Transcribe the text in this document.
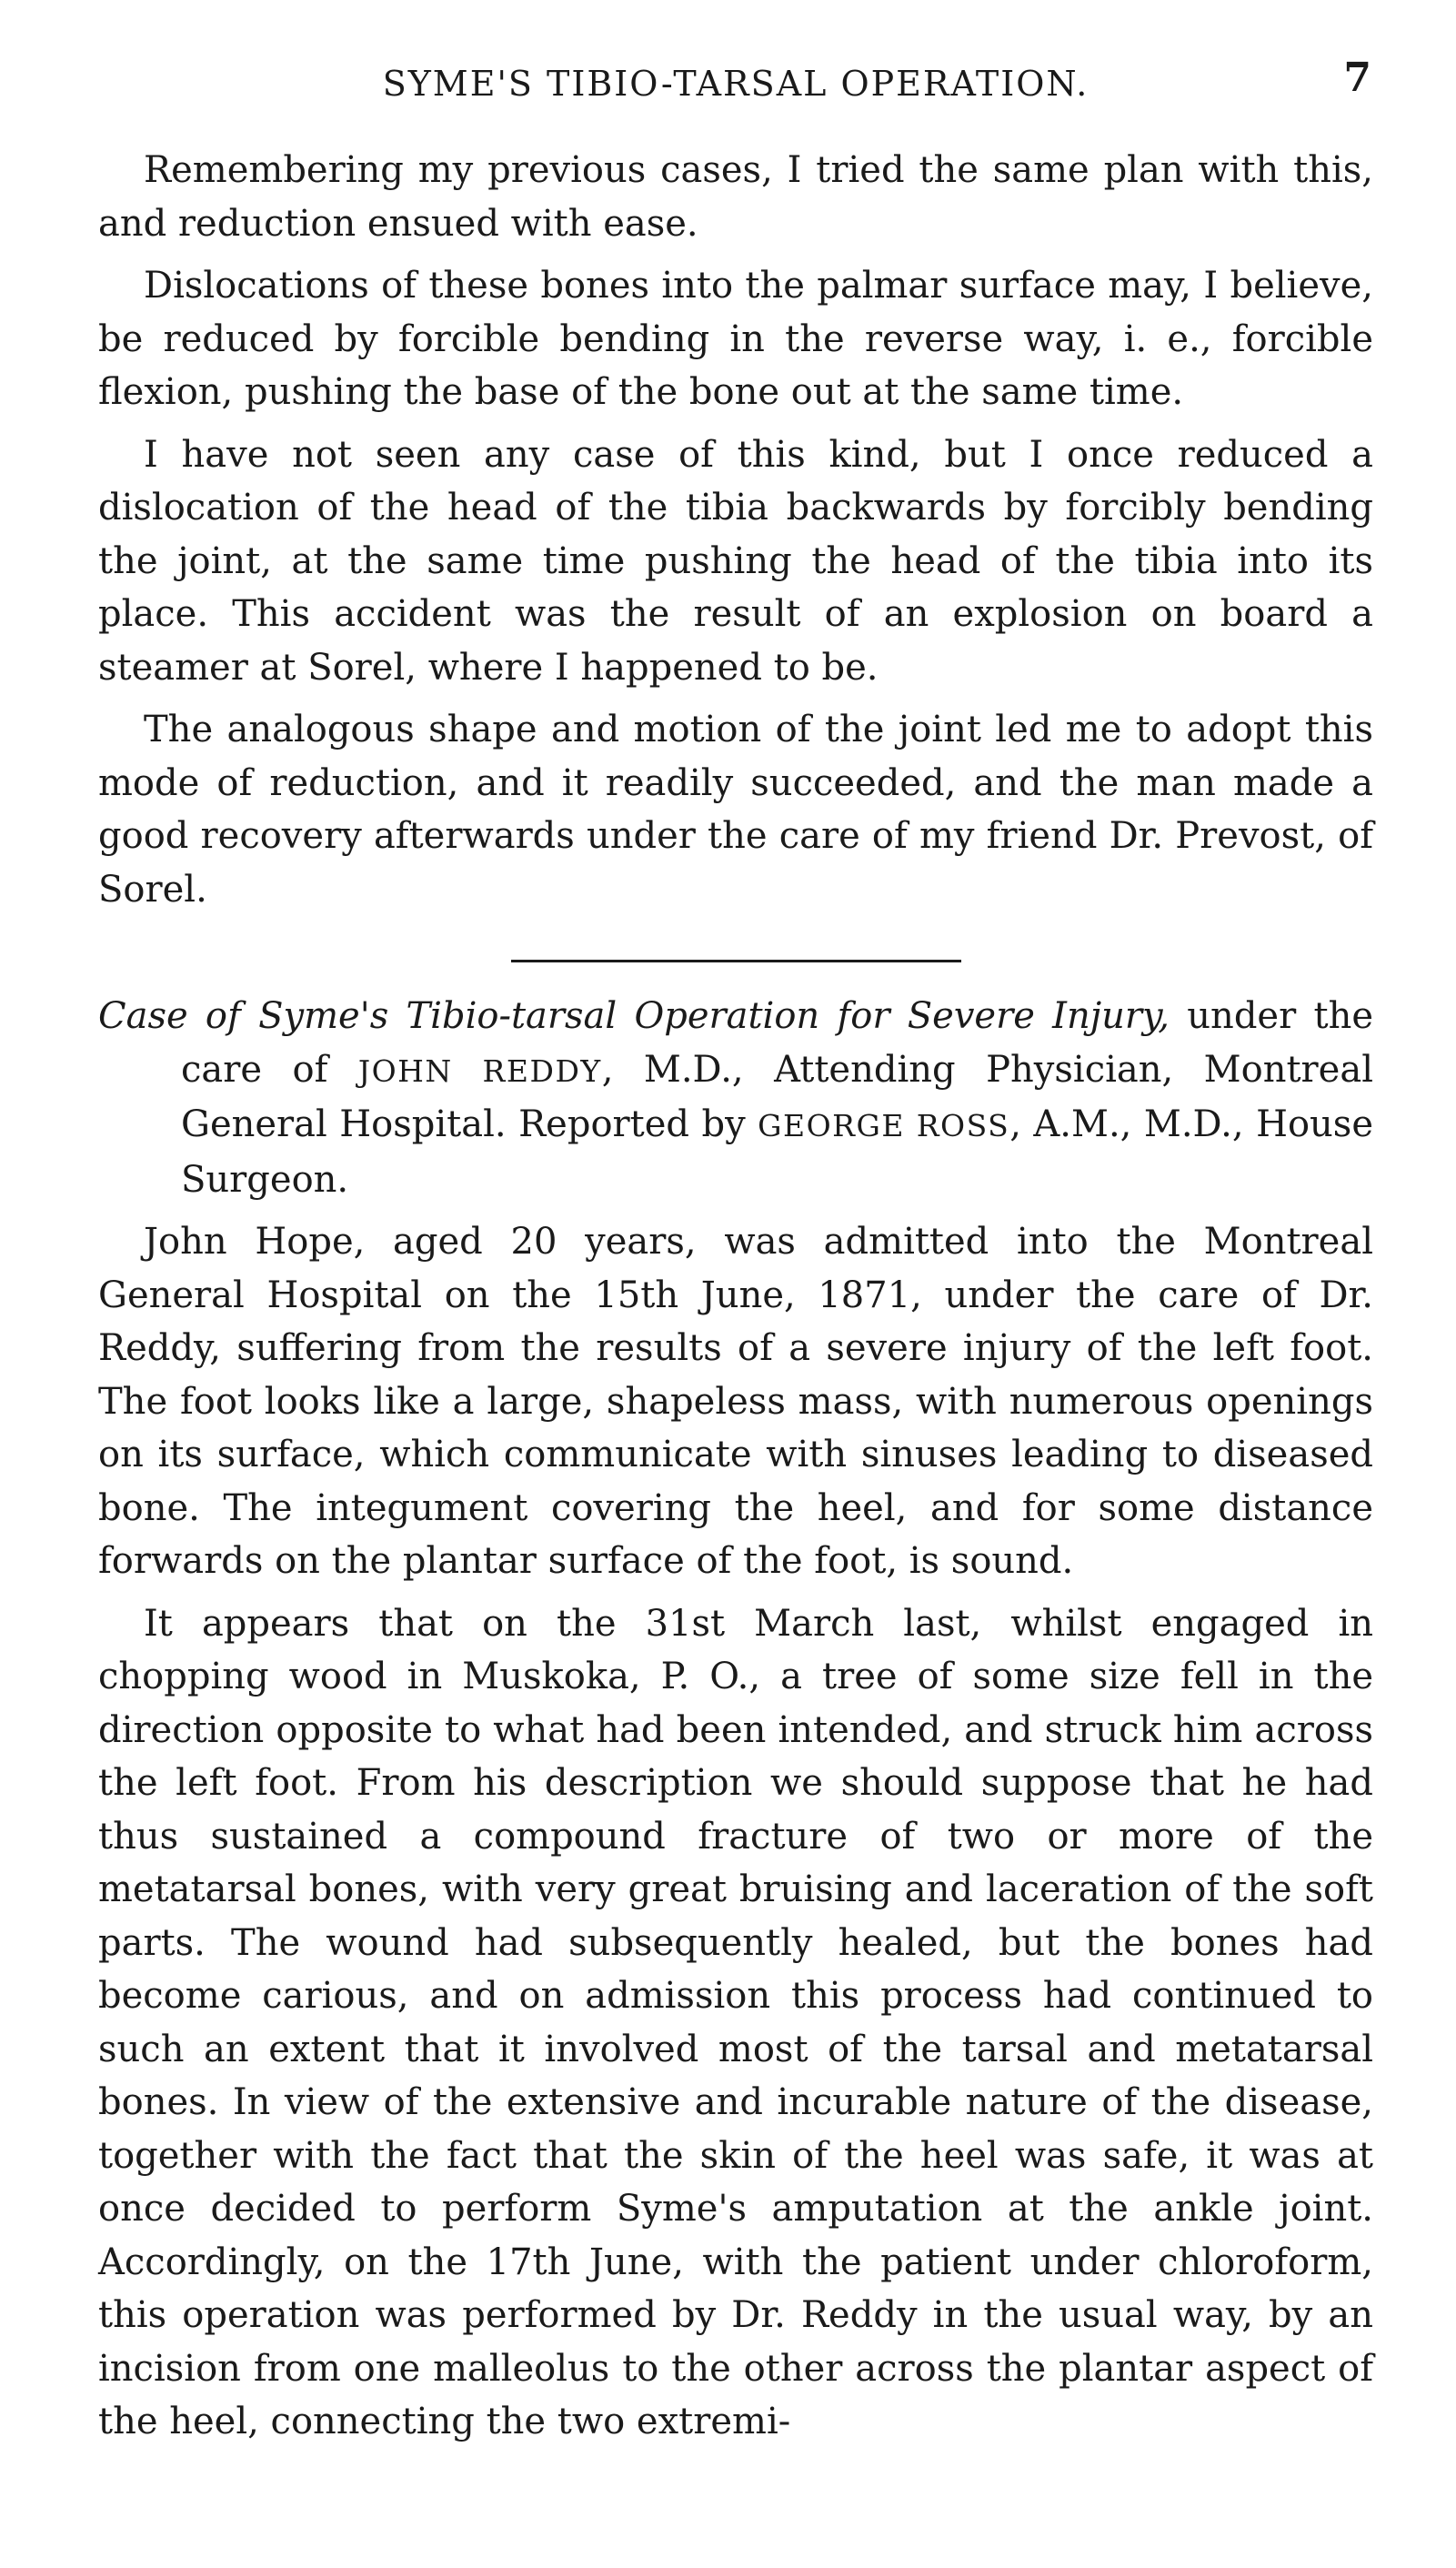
SYME'S TIBIO-TARSAL OPERATION.	7

Remembering my previous cases, I tried the same plan with this, and reduction ensued with ease.

Dislocations of these bones into the palmar surface may, I believe, be reduced by forcible bending in the reverse way, i. e., forcible flexion, pushing the base of the bone out at the same time.

I have not seen any case of this kind, but I once reduced a dislocation of the head of the tibia backwards by forcibly bending the joint, at the same time pushing the head of the tibia into its place. This accident was the result of an explosion on board a steamer at Sorel, where I happened to be.

The analogous shape and motion of the joint led me to adopt this mode of reduction, and it readily succeeded, and the man made a good recovery afterwards under the care of my friend Dr. Prevost, of Sorel.

Case of Syme's Tibio-tarsal Operation for Severe Injury, under the care of JOHN REDDY, M.D., Attending Physician, Montreal General Hospital. Reported by GEORGE ROSS, A.M., M.D., House Surgeon.

John Hope, aged 20 years, was admitted into the Montreal General Hospital on the 15th June, 1871, under the care of Dr. Reddy, suffering from the results of a severe injury of the left foot. The foot looks like a large, shapeless mass, with numerous openings on its surface, which communicate with sinuses leading to diseased bone. The integument covering the heel, and for some distance forwards on the plantar surface of the foot, is sound.

It appears that on the 31st March last, whilst engaged in chopping wood in Muskoka, P. O., a tree of some size fell in the direction opposite to what had been intended, and struck him across the left foot. From his description we should suppose that he had thus sustained a compound fracture of two or more of the metatarsal bones, with very great bruising and laceration of the soft parts. The wound had subsequently healed, but the bones had become carious, and on admission this process had continued to such an extent that it involved most of the tarsal and metatarsal bones. In view of the extensive and incurable nature of the disease, together with the fact that the skin of the heel was safe, it was at once decided to perform Syme's amputation at the ankle joint. Accordingly, on the 17th June, with the patient under chloroform, this operation was performed by Dr. Reddy in the usual way, by an incision from one malleolus to the other across the plantar aspect of the heel, connecting the two extremi-
